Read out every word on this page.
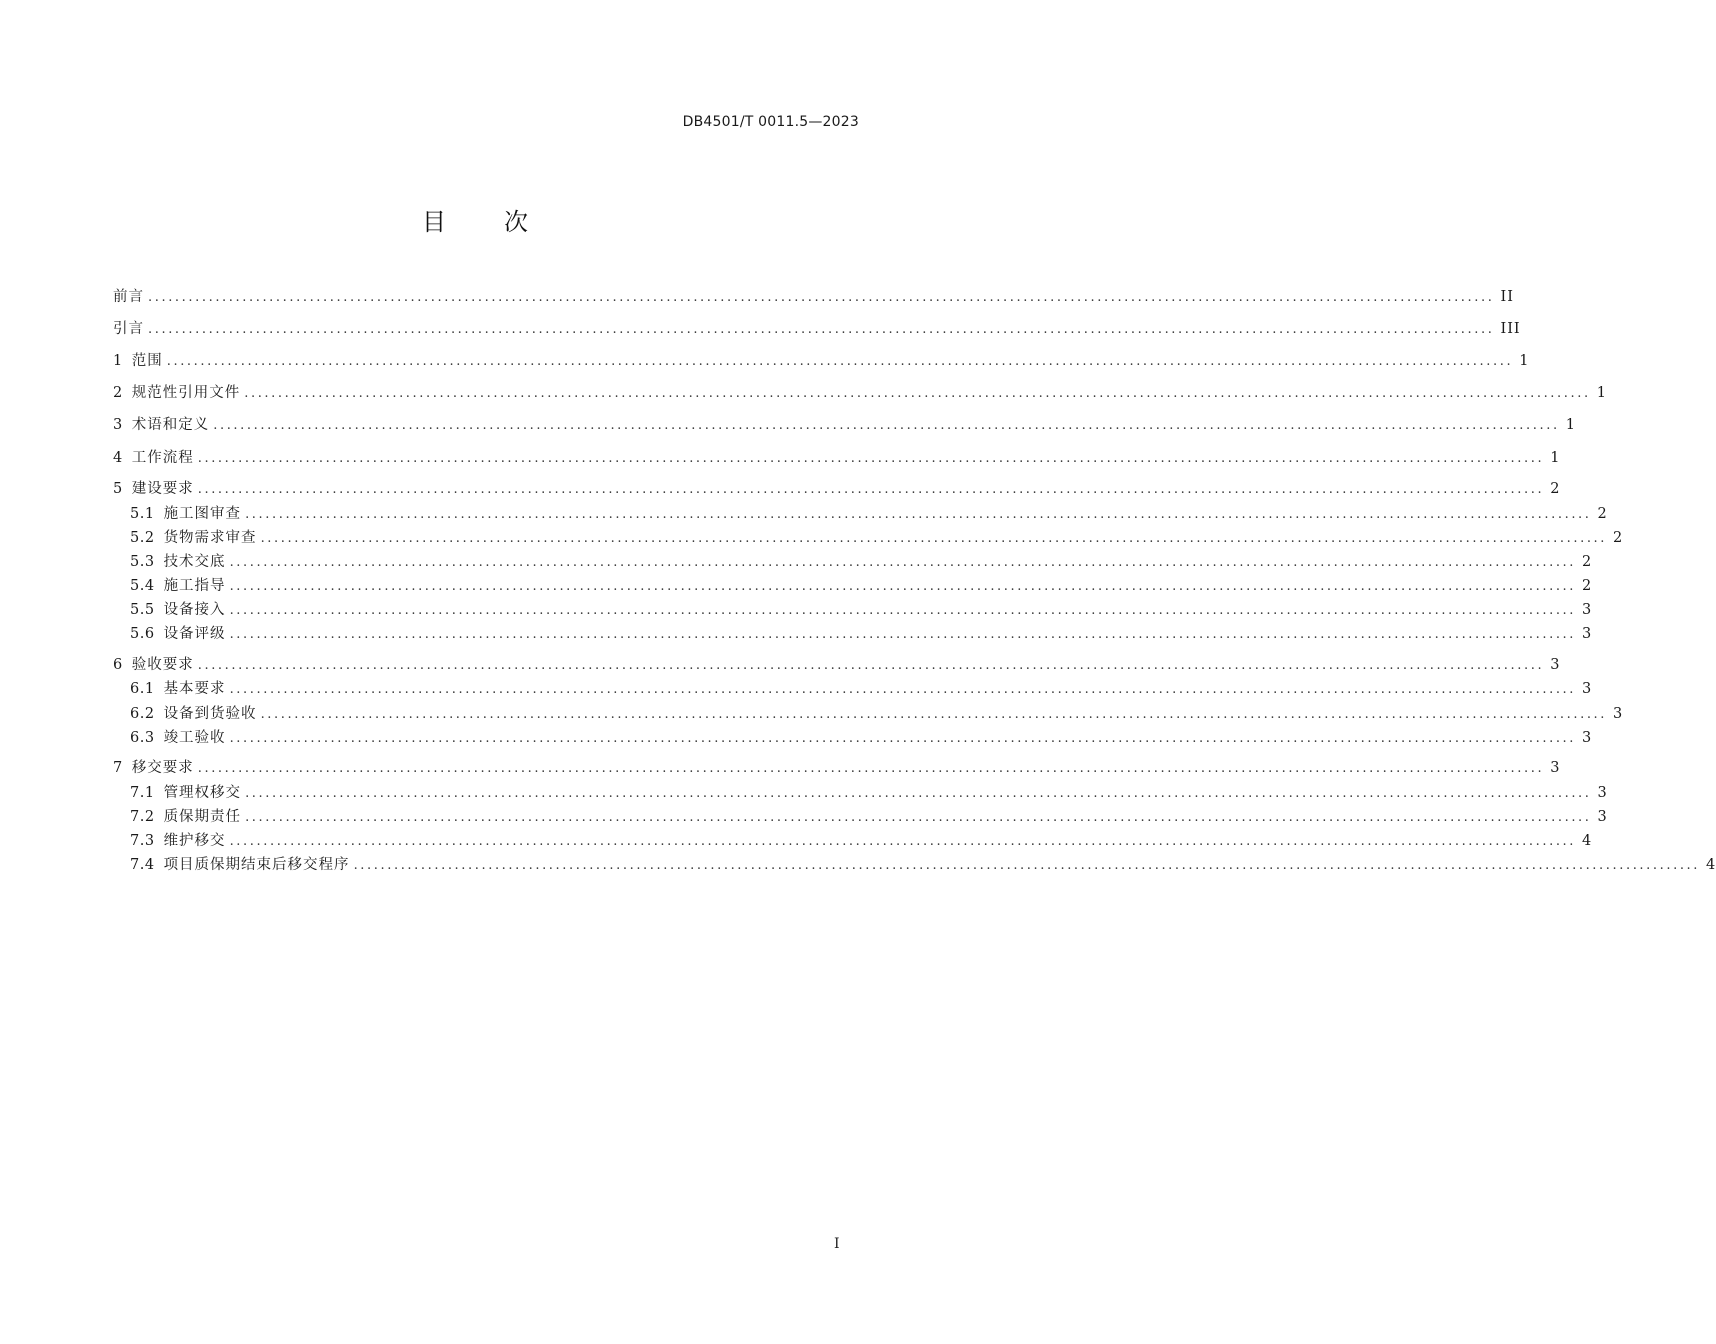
DB4501/T 0011.5—2023
目次
前言 ........................................................................................................................................................................................................ II
引言 ........................................................................................................................................................................................................ III
1 范围 ........................................................................................................................................................................................................ 1
2 规范性引用文件 ........................................................................................................................................................................................................ 1
3 术语和定义 ........................................................................................................................................................................................................ 1
4 工作流程 ........................................................................................................................................................................................................ 1
5 建设要求 ........................................................................................................................................................................................................ 2
5.1 施工图审查 ........................................................................................................................................................................................................ 2
5.2 货物需求审查 ........................................................................................................................................................................................................ 2
5.3 技术交底 ........................................................................................................................................................................................................ 2
5.4 施工指导 ........................................................................................................................................................................................................ 2
5.5 设备接入 ........................................................................................................................................................................................................ 3
5.6 设备评级 ........................................................................................................................................................................................................ 3
6 验收要求 ........................................................................................................................................................................................................ 3
6.1 基本要求 ........................................................................................................................................................................................................ 3
6.2 设备到货验收 ........................................................................................................................................................................................................ 3
6.3 竣工验收 ........................................................................................................................................................................................................ 3
7 移交要求 ........................................................................................................................................................................................................ 3
7.1 管理权移交 ........................................................................................................................................................................................................ 3
7.2 质保期责任 ........................................................................................................................................................................................................ 3
7.3 维护移交 ........................................................................................................................................................................................................ 4
7.4 项目质保期结束后移交程序 ........................................................................................................................................................................................................ 4
I
